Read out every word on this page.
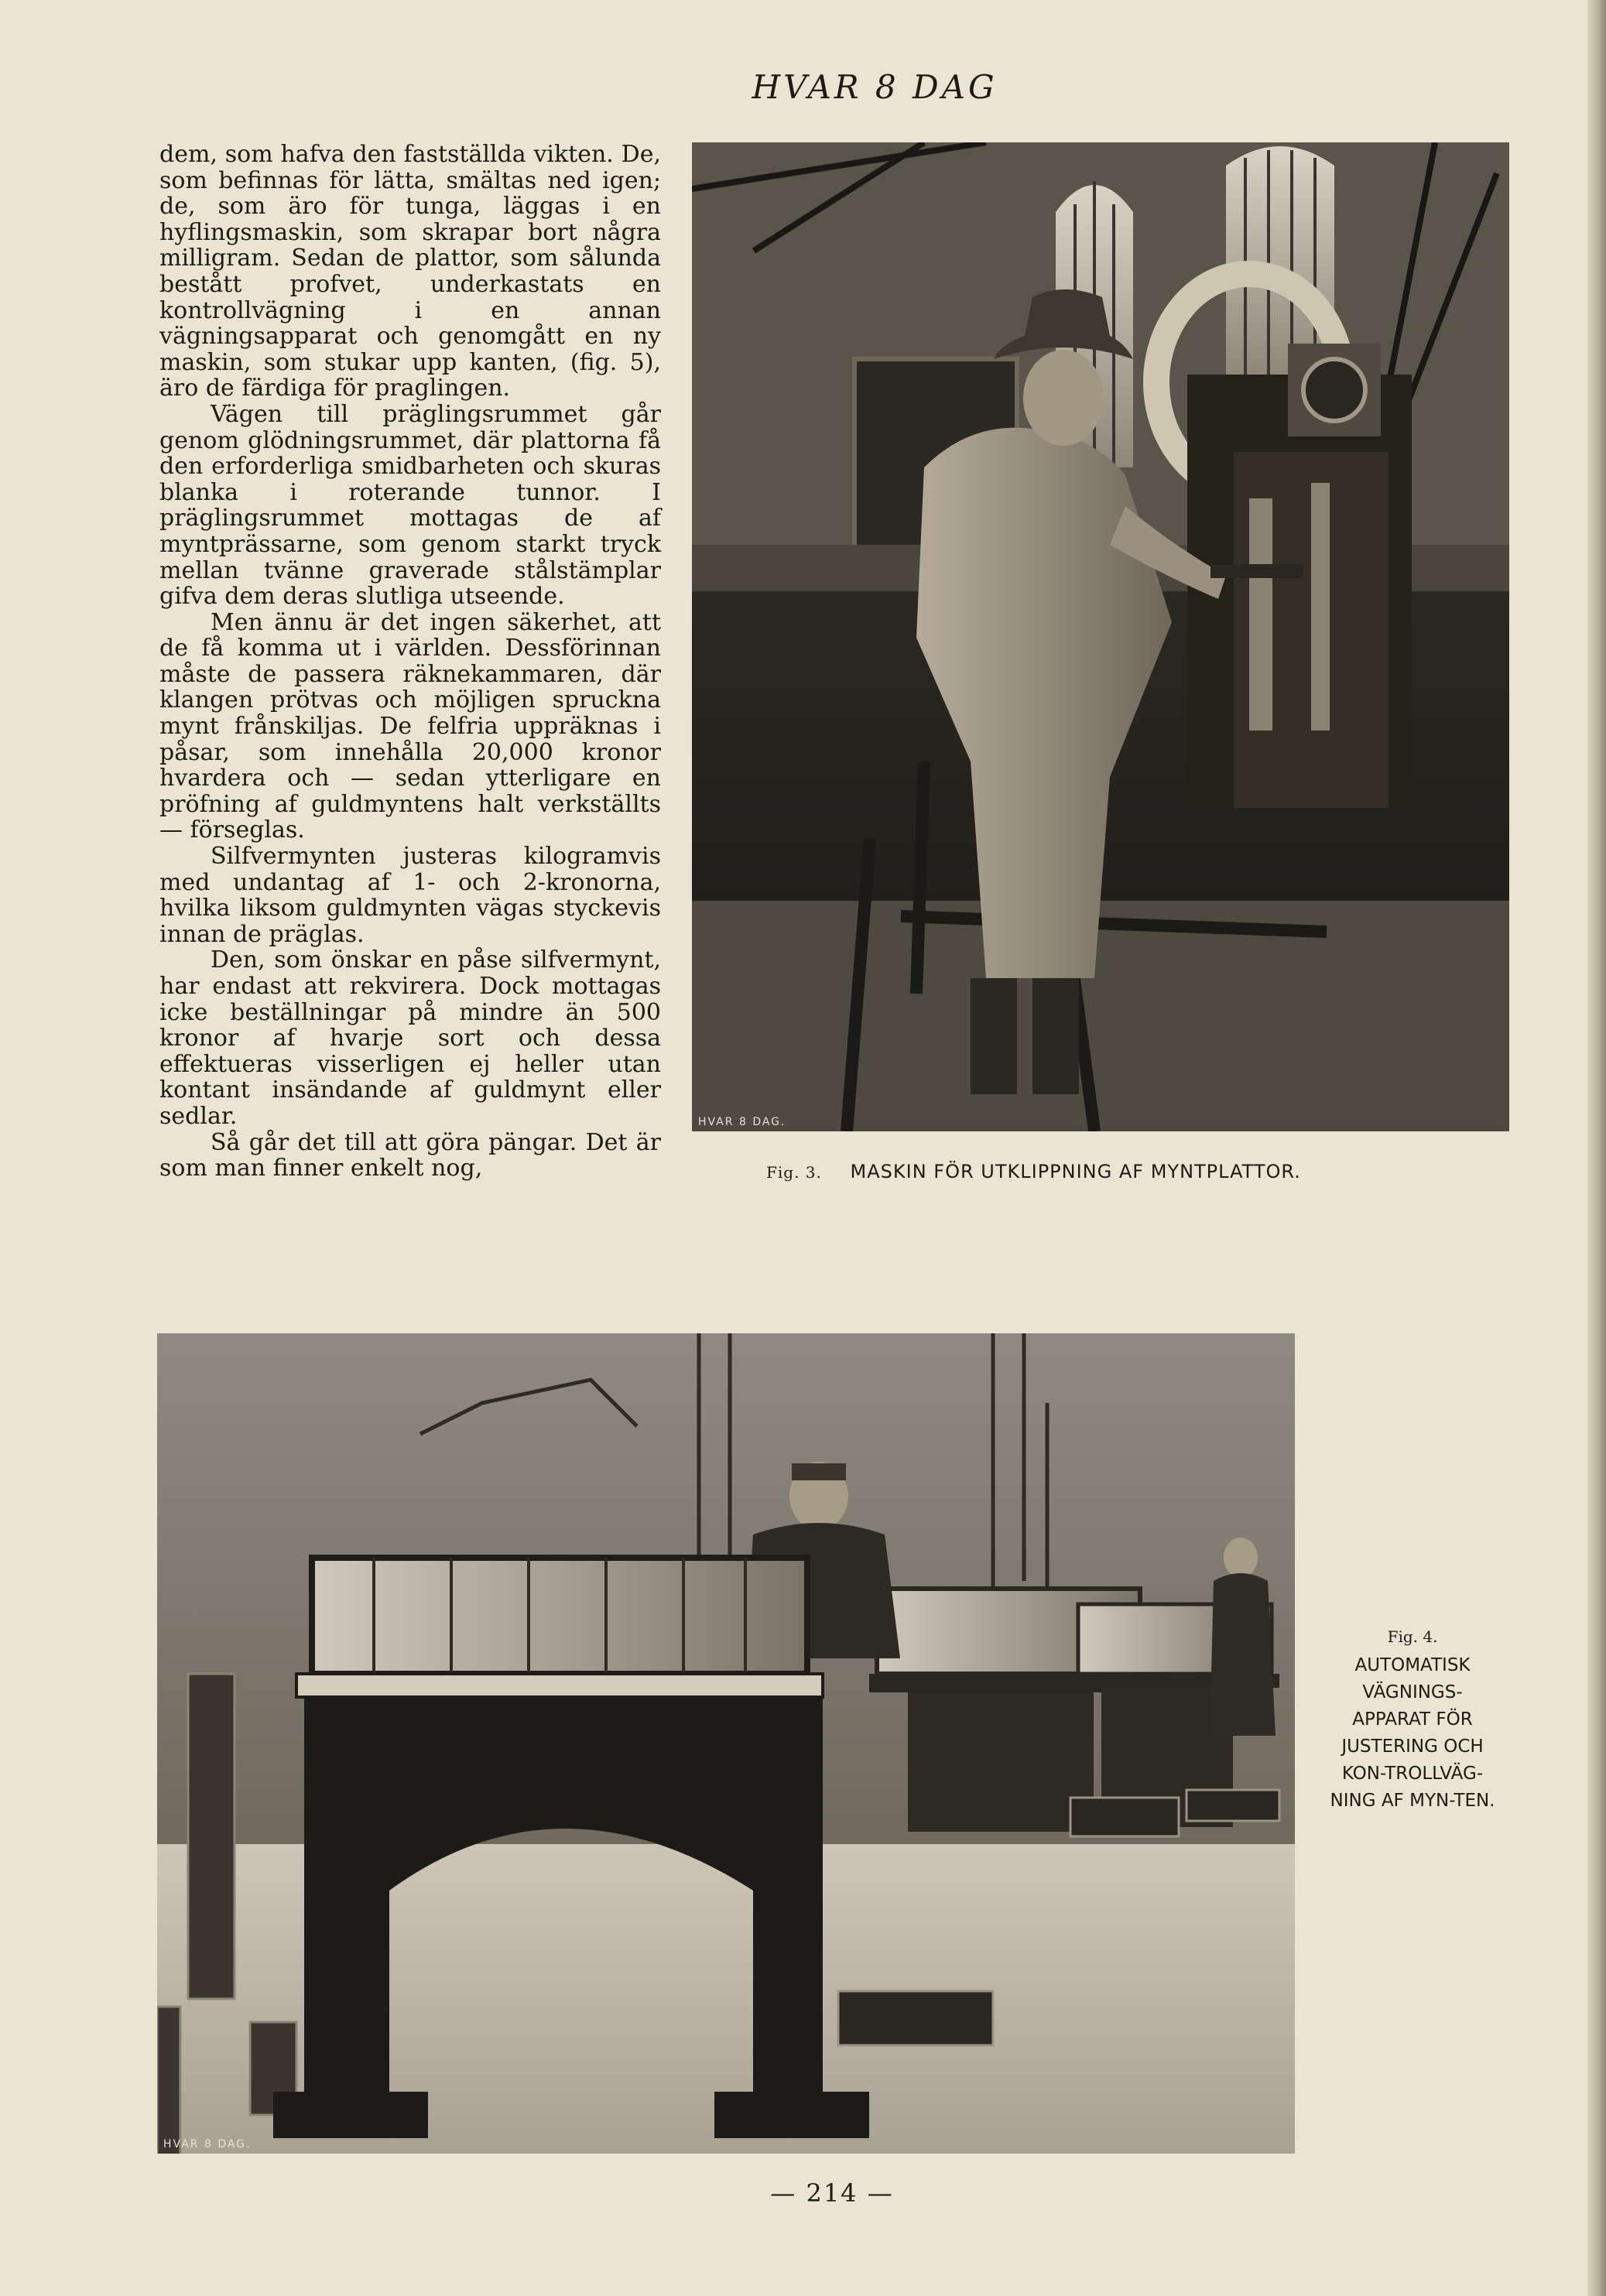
HVAR 8 DAG

dem, som hafva den fastställda vikten. De, som befinnas för lätta, smältas ned igen; de, som äro för tunga, läggas i en hyflingsmaskin, som skrapar bort några milligram. Sedan de plattor, som sålunda bestått profvet, underkastats en kontrollvägning i en annan vägningsapparat och genomgått en ny maskin, som stukar upp kanten, (fig. 5), äro de färdiga för praglingen.

Vägen till präglingsrummet går genom glödningsrummet, där plattorna få den erforderliga smidbarheten och skuras blanka i roterande tunnor. I präglingsrummet mottagas de af myntprässarne, som genom starkt tryck mellan tvänne graverade stålstämplar gifva dem deras slutliga utseende.

Men ännu är det ingen säkerhet, att de få komma ut i världen. Dessförinnan måste de passera räknekammaren, där klangen prötvas och möjligen spruckna mynt frånskiljas. De felfria uppräknas i påsar, som innehålla 20,000 kronor hvardera och — sedan ytterligare en pröfning af guldmyntens halt verkställts — förseglas.

Silfvermynten justeras kilogramvis med undantag af 1- och 2-kronorna, hvilka liksom guldmynten vägas styckevis innan de präglas.

Den, som önskar en påse silfvermynt, har endast att rekvirera. Dock mottagas icke beställningar på mindre än 500 kronor af hvarje sort och dessa effektueras visserligen ej heller utan kontant insändande af guldmynt eller sedlar.

Så går det till att göra pängar. Det är som man finner enkelt nog,

HVAR 8 DAG.
Fig. 3. MASKIN FÖR UTKLIPPNING AF MYNTPLATTOR.
HVAR 8 DAG.
Fig. 4.
AUTOMATISK VÄGNINGS-APPARAT FÖR JUSTERING OCH KON-TROLLVÄG-NING AF MYN-TEN.
— 214 —
